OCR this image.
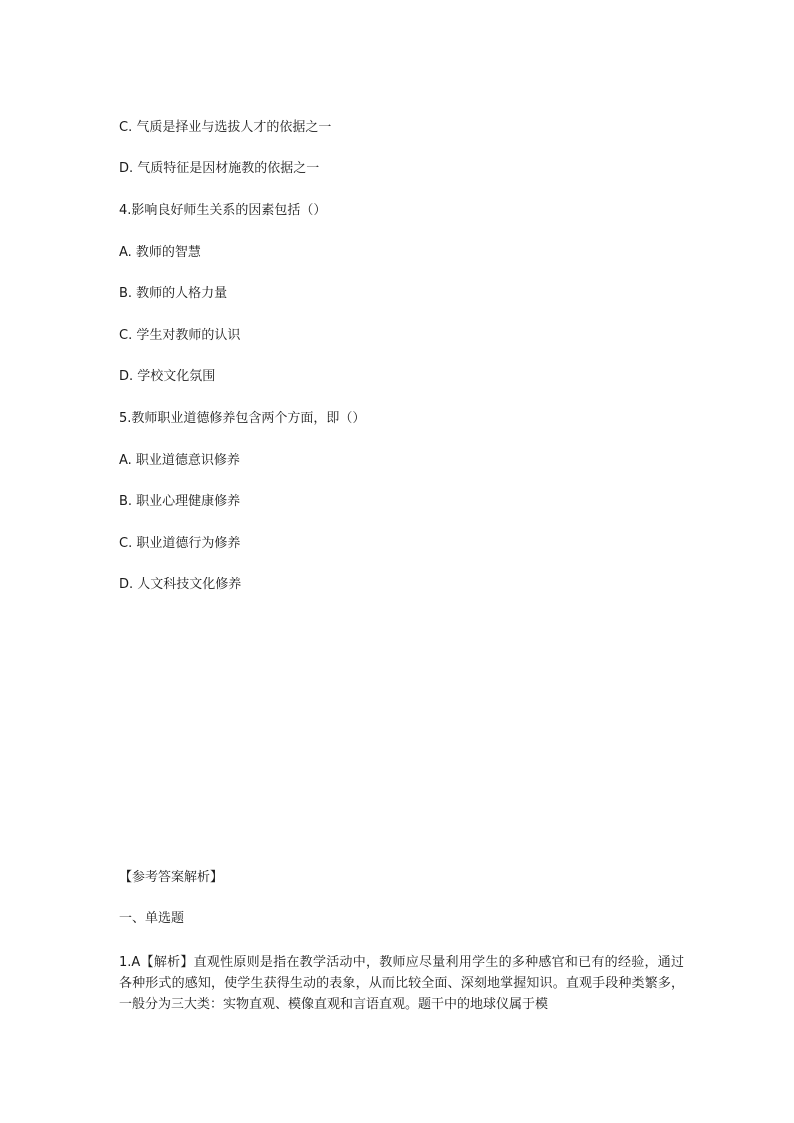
C. 气质是择业与选拔人才的依据之一
D. 气质特征是因材施教的依据之一
4.影响良好师生关系的因素包括（）
A. 教师的智慧
B. 教师的人格力量
C. 学生对教师的认识
D. 学校文化氛围
5.教师职业道德修养包含两个方面，即（）
A. 职业道德意识修养
B. 职业心理健康修养
C. 职业道德行为修养
D. 人文科技文化修养
【参考答案解析】
一、单选题
1.A【解析】直观性原则是指在教学活动中，教师应尽量利用学生的多种感官和已有的经验，通过各种形式的感知，使学生获得生动的表象，从而比较全面、深刻地掌握知识。直观手段种类繁多，一般分为三大类：实物直观、模像直观和言语直观。题干中的地球仪属于模
